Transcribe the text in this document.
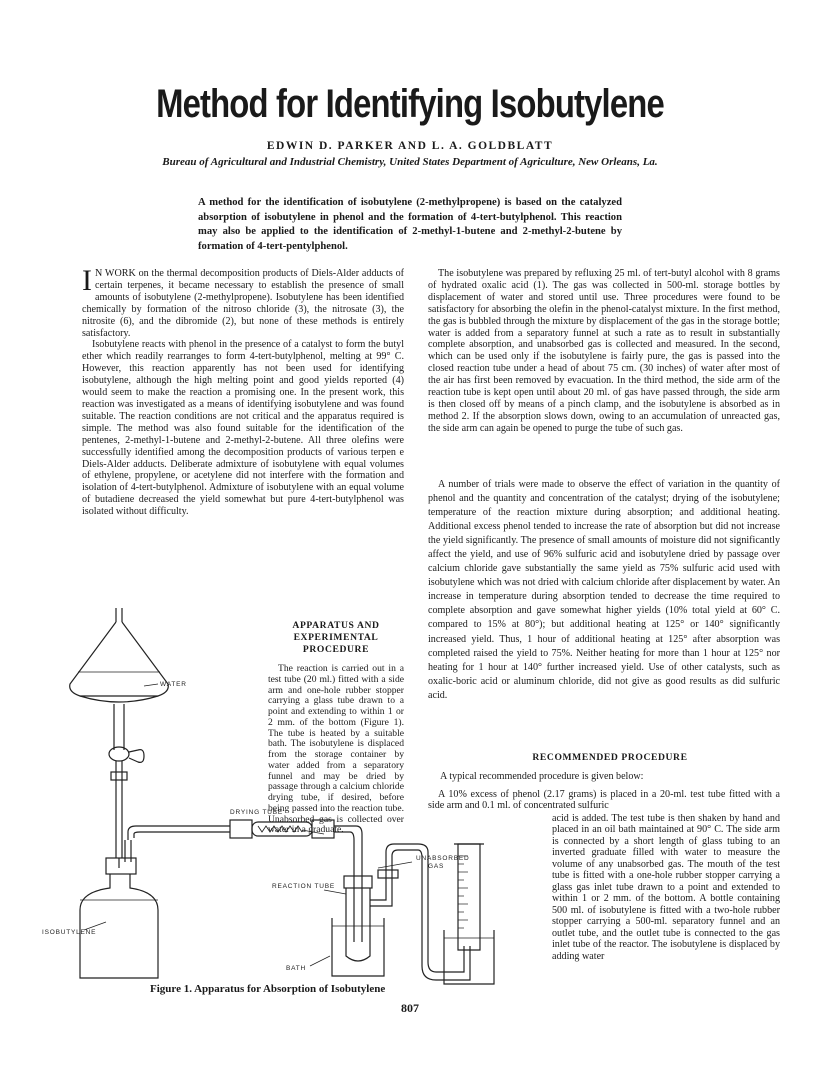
Method for Identifying Isobutylene
EDWIN D. PARKER AND L. A. GOLDBLATT
Bureau of Agricultural and Industrial Chemistry, United States Department of Agriculture, New Orleans, La.
A method for the identification of isobutylene (2-methylpropene) is based on the catalyzed absorption of isobutylene in phenol and the formation of 4-tert-butylphenol. This reaction may also be applied to the identification of 2-methyl-1-butene and 2-methyl-2-butene by formation of 4-tert-pentylphenol.

I N WORK on the thermal decomposition products of Diels-Alder adducts of certain terpenes, it became necessary to establish the presence of small amounts of isobutylene (2-methylpropene). Isobutylene has been identified chemically by formation of the nitroso chloride (3), the nitrosate (3), the nitrosite (6), and the dibromide (2), but none of these methods is entirely satisfactory.

Isobutylene reacts with phenol in the presence of a catalyst to form the butyl ether which readily rearranges to form 4-tert-butylphenol, melting at 99° C. However, this reaction apparently has not been used for identifying isobutylene, although the high melting point and good yields reported (4) would seem to make the reaction a promising one. In the present work, this reaction was investigated as a means of identifying isobutylene and was found suitable. The reaction conditions are not critical and the apparatus required is simple. The method was also found suitable for the identification of the pentenes, 2-methyl-1-butene and 2-methyl-2-butene. All three olefins were successfully identified among the decomposition products of various terpen e Diels-Alder adducts. Deliberate admixture of isobutylene with equal volumes of ethylene, propylene, or acetylene did not interfere with the formation and isolation of 4-tert-butylphenol. Admixture of isobutylene with an equal volume of butadiene decreased the yield somewhat but pure 4-tert-butylphenol was isolated without difficulty.

The isobutylene was prepared by refluxing 25 ml. of tert-butyl alcohol with 8 grams of hydrated oxalic acid (1). The gas was collected in 500-ml. storage bottles by displacement of water and stored until use. Three procedures were found to be satisfactory for absorbing the olefin in the phenol-catalyst mixture. In the first method, the gas is bubbled through the mixture by displacement of the gas in the storage bottle; water is added from a separatory funnel at such a rate as to result in substantially complete absorption, and unabsorbed gas is collected and measured. In the second, which can be used only if the isobutylene is fairly pure, the gas is passed into the closed reaction tube under a head of about 75 cm. (30 inches) of water after most of the air has first been removed by evacuation. In the third method, the side arm of the reaction tube is kept open until about 20 ml. of gas have passed through, the side arm is then closed off by means of a pinch clamp, and the isobutylene is absorbed as in method 2. If the absorption slows down, owing to an accumulation of unreacted gas, the side arm can again be opened to purge the tube of such gas.

A number of trials were made to observe the effect of variation in the quantity of phenol and the quantity and concentration of the catalyst; drying of the isobutylene; temperature of the reaction mixture during absorption; and additional heating. Additional excess phenol tended to increase the rate of absorption but did not increase the yield significantly. The presence of small amounts of moisture did not significantly affect the yield, and use of 96% sulfuric acid and isobutylene dried by passage over calcium chloride gave substantially the same yield as 75% sulfuric acid used with isobutylene which was not dried with calcium chloride after displacement by water. An increase in temperature during absorption tended to decrease the time required to complete absorption and gave somewhat higher yields (10% total yield at 60° C. compared to 15% at 80°); but additional heating at 125° or 140° significantly increased yield. Thus, 1 hour of additional heating at 125° after absorption was completed raised the yield to 75%. Neither heating for more than 1 hour at 125° nor heating for 1 hour at 140° further increased yield. Use of other catalysts, such as oxalic-boric acid or aluminum chloride, did not give as good results as did sulfuric acid.

APPARATUS AND EXPERIMENTAL PROCEDURE

The reaction is carried out in a test tube (20 ml.) fitted with a side arm and one-hole rubber stopper carrying a glass tube drawn to a point and extending to within 1 or 2 mm. of the bottom (Figure 1). The tube is heated by a suitable bath. The isobutylene is displaced from the storage container by water added from a separatory funnel and may be dried by passage through a calcium chloride drying tube, if desired, before being passed into the reaction tube. Unabsorbed gas is collected over water in a graduate.

RECOMMENDED PROCEDURE
A typical recommended procedure is given below:

A 10% excess of phenol (2.17 grams) is placed in a 20-ml. test tube fitted with a side arm and 0.1 ml. of concentrated sulfuric

acid is added. The test tube is then shaken by hand and placed in an oil bath maintained at 90° C. The side arm is connected by a short length of glass tubing to an inverted graduate filled with water to measure the volume of any unabsorbed gas. The mouth of the test tube is fitted with a one-hole rubber stopper carrying a glass gas inlet tube drawn to a point and extended to within 1 or 2 mm. of the bottom. A bottle containing 500 ml. of isobutylene is fitted with a two-hole rubber stopper carrying a 500-ml. separatory funnel and an outlet tube, and the outlet tube is connected to the gas inlet tube of the reactor. The isobutylene is displaced by adding water

WATER
DRYING TUBE
UNABSORBED
GAS
REACTION TUBE
ISOBUTYLENE
BATH
Figure 1. Apparatus for Absorption of Isobutylene
807
